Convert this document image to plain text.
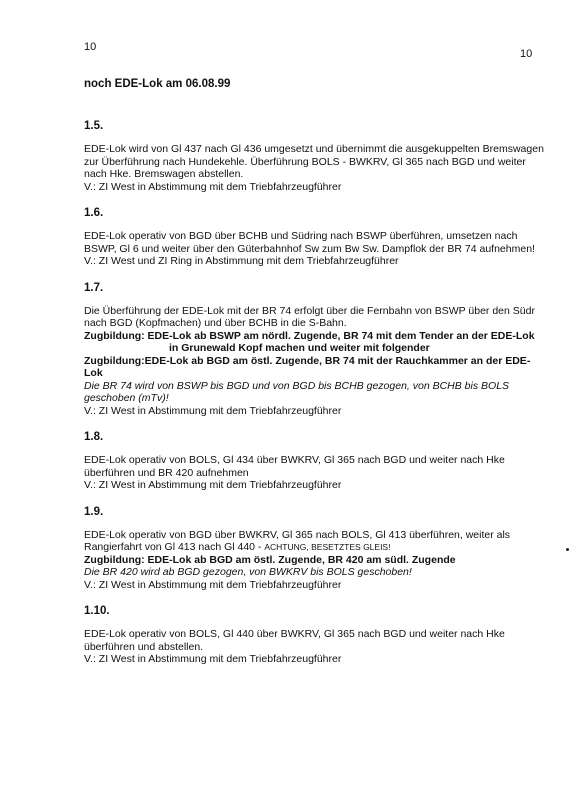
10
10
noch EDE-Lok am 06.08.99
1.5.
EDE-Lok wird von Gl 437 nach Gl 436 umgesetzt und übernimmt die ausgekuppelten Bremswagen
zur Überführung nach Hundekehle. Überführung BOLS - BWKRV, Gl 365 nach BGD und weiter
nach Hke. Bremswagen abstellen.
V.: ZI West in Abstimmung mit dem Triebfahrzeugführer
1.6.
EDE-Lok operativ von BGD über BCHB und Südring nach BSWP überführen, umsetzen nach
BSWP, Gl 6 und weiter über den Güterbahnhof Sw zum Bw Sw. Dampflok der BR 74 aufnehmen!
V.: ZI West und ZI Ring in Abstimmung mit dem Triebfahrzeugführer
1.7.
Die Überführung der EDE-Lok mit der BR 74 erfolgt über die Fernbahn von BSWP über den Südr
nach BGD (Kopfmachen) und über BCHB in die S-Bahn.
Zugbildung: EDE-Lok ab BSWP am nördl. Zugende, BR 74 mit dem Tender an der EDE-Lok
in Grunewald Kopf machen und weiter mit folgender
Zugbildung:EDE-Lok ab BGD am östl. Zugende, BR 74 mit der Rauchkammer an der EDE-Lok
Die BR 74 wird von BSWP bis BGD und von BGD bis BCHB gezogen, von BCHB bis BOLS
geschoben (mTv)!
V.: ZI West in Abstimmung mit dem Triebfahrzeugführer
1.8.
EDE-Lok operativ von BOLS, Gl 434 über BWKRV, Gl 365 nach BGD und weiter nach Hke
überführen und BR 420 aufnehmen
V.: ZI West in Abstimmung mit dem Triebfahrzeugführer
1.9.
EDE-Lok operativ von BGD über BWKRV, Gl 365 nach BOLS, Gl 413 überführen, weiter als
Rangierfahrt von Gl 413 nach Gl 440 - ACHTUNG, BESETZTES GLEIS!
Zugbildung: EDE-Lok ab BGD am östl. Zugende, BR 420 am südl. Zugende
Die BR 420 wird ab BGD gezogen, von BWKRV bis BOLS geschoben!
V.: ZI West in Abstimmung mit dem Triebfahrzeugführer
1.10.
EDE-Lok operativ von BOLS, Gl 440 über BWKRV, Gl 365 nach BGD und weiter nach Hke
überführen und abstellen.
V.: ZI West in Abstimmung mit dem Triebfahrzeugführer
